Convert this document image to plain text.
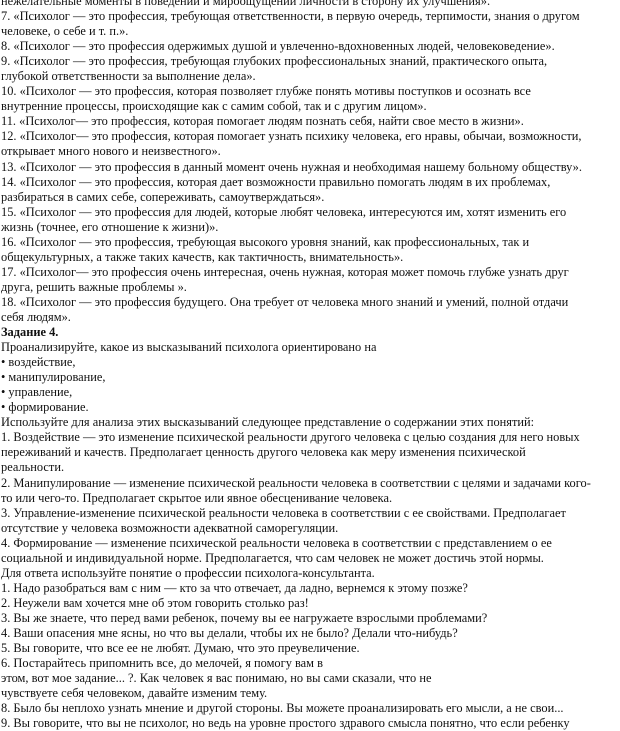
нежелательные моменты в поведении и мироощущении личности в сторону их улучшения».
7. «Психолог — это профессия, требующая ответственности, в первую очередь, терпимости, знания о другом
человеке, о себе и т. п.».
8. «Психолог — это профессия одержимых душой и увлеченно-вдохновенных людей, человековедение».
9. «Психолог — это профессия, требующая глубоких профессиональных знаний, практического опыта,
глубокой ответственности за выполнение дела».
10. «Психолог — это профессия, которая позволяет глубже понять мотивы поступков и осознать все
внутренние процессы, происходящие как с самим собой, так и с другим лицом».
11. «Психолог— это профессия, которая помогает людям познать себя, найти свое место в жизни».
12. «Психолог— это профессия, которая помогает узнать психику человека, его нравы, обычаи, возможности,
открывает много нового и неизвестного».
13. «Психолог — это профессия в данный момент очень нужная и необходимая нашему больному обществу».
14. «Психолог — это профессия, которая дает возможности правильно помогать людям в их проблемах,
разбираться в самих себе, сопереживать, самоутверждаться».
15. «Психолог — это профессия для людей, которые любят человека, интересуются им, хотят изменить его
жизнь (точнее, его отношение к жизни)».
16. «Психолог — это профессия, требующая высокого уровня знаний, как профессиональных, так и
общекультурных, а также таких качеств, как тактичность, внимательность».
17. «Психолог— это профессия очень интересная, очень нужная, которая может помочь глубже узнать друг
друга, решить важные проблемы ».
18. «Психолог — это профессия будущего. Она требует от человека много знаний и умений, полной отдачи
себя людям».
Задание 4.
Проанализируйте, какое из высказываний психолога ориентировано на
• воздействие,
• манипулирование,
• управление,
• формирование.
Используйте для анализа этих высказываний следующее представление о содержании этих понятий:
1. Воздействие — это изменение психической реальности другого человека с целью создания для него новых
переживаний и качеств. Предполагает ценность другого человека как меру изменения психической
реальности.
2. Манипулирование — изменение психической реальности человека в соответствии с целями и задачами кого-
то или чего-то. Предполагает скрытое или явное обесценивание человека.
3. Управление-изменение психической реальности человека в соответствии с ее свойствами. Предполагает
отсутствие у человека возможности адекватной саморегуляции.
4. Формирование — изменение психической реальности человека в соответствии с представлением о ее
социальной и индивидуальной норме. Предполагается, что сам человек не может достичь этой нормы.
Для ответа используйте понятие о профессии психолога-консультанта.
1. Надо разобраться вам с ним — кто за что отвечает, да ладно, вернемся к этому позже?
2. Неужели вам хочется мне об этом говорить столько раз!
3. Вы же знаете, что перед вами ребенок, почему вы ее нагружаете взрослыми проблемами?
4. Ваши опасения мне ясны, но что вы делали, чтобы их не было? Делали что-нибудь?
5. Вы говорите, что все ее не любят. Думаю, что это преувеличение.
6. Постарайтесь припомнить все, до мелочей, я помогу вам в
этом, вот мое задание... ?. Как человек я вас понимаю, но вы сами сказали, что не
чувствуете себя человеком, давайте изменим тему.
8. Было бы неплохо узнать мнение и другой стороны. Вы можете проанализировать его мысли, а не свои...
9. Вы говорите, что вы не психолог, но ведь на уровне простого здравого смысла понятно, что если ребенку
